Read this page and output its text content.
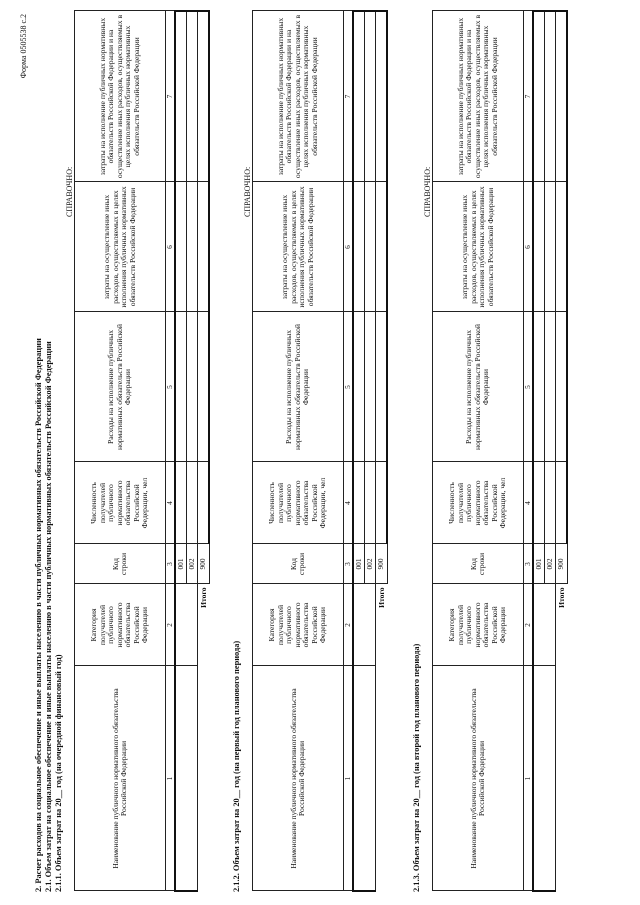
Форма 0505538 с.2
2. Расчет расходов на социальное обеспечение и иные выплаты населению в части публичных нормативных обязательств Российской Федерации 2.1. Объем затрат на социальное обеспечение и иные выплаты населению в части публичных нормативных обязательств Российской Федерации 2.1.1. Объем затрат на 20__ год (на очередной финансовый год)
СПРАВОЧНО:
Наименование публичного нормативного обязательства Российской Федерации	Категория получателей публичного нормативного обязательства Российской Федерации	Код строки	Численность получателей публичного нормативного обязательства Российской Федерации, чел	Расходы на исполнение публичных нормативных обязательств Российской Федерации	затраты на осуществление иных расходов, осуществляемых в целях исполнения публичных нормативных обязательств Российской Федерации	затраты на исполнение публичных нормативных обязательств Российской Федерации и на осуществление иных расходов, осуществляемых в целях исполнения публичных нормативных обязательств Российской Федерации
1	2	3	4	5	6	7
		001				
		002				
Итого		900				
2.1.2. Объем затрат на 20__ год (на первый год планового периода)
СПРАВОЧНО:
Наименование публичного нормативного обязательства Российской Федерации	Категория получателей публичного нормативного обязательства Российской Федерации	Код строки	Численность получателей публичного нормативного обязательства Российской Федерации, чел	Расходы на исполнение публичных нормативных обязательств Российской Федерации	затраты на осуществление иных расходов, осуществляемых в целях исполнения публичных нормативных обязательств Российской Федерации	затраты на исполнение публичных нормативных обязательств Российской Федерации и на осуществление иных расходов, осуществляемых в целях исполнения публичных нормативных обязательств Российской Федерации
1	2	3	4	5	6	7
		001				
		002				
Итого		900				
2.1.3. Объем затрат на 20__ год (на второй год планового периода)
СПРАВОЧНО:
Наименование публичного нормативного обязательства Российской Федерации	Категория получателей публичного нормативного обязательства Российской Федерации	Код строки	Численность получателей публичного нормативного обязательства Российской Федерации, чел	Расходы на исполнение публичных нормативных обязательств Российской Федерации	затраты на осуществление иных расходов, осуществляемых в целях исполнения публичных нормативных обязательств Российской Федерации	затраты на исполнение публичных нормативных обязательств Российской Федерации и на осуществление иных расходов, осуществляемых в целях исполнения публичных нормативных обязательств Российской Федерации
1	2	3	4	5	6	7
		001				
		002				
Итого		900				
